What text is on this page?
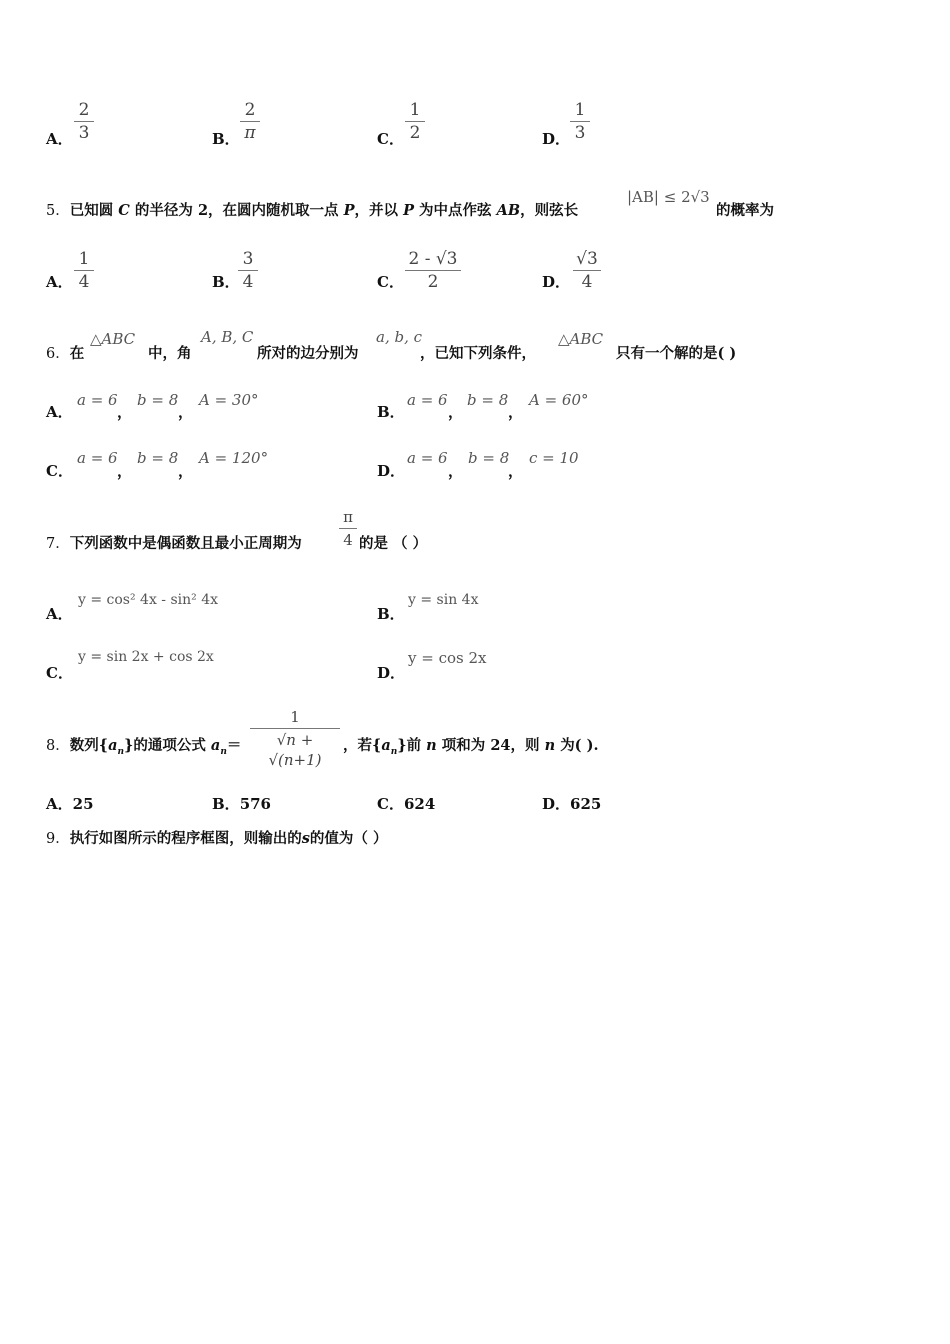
A．
2
3	B．
2
π	C．
1
2	D．
1
3
5．已知圆 C 的半径为 2，在圆内随机取一点 P，并以 P 为中点作弦 AB，则弦长
|AB| ≤ 2√3
的概率为
A．
1
4	B．
3
4	C．
2 - √3
2	D．
√3
4
6．在
△ABC
中，角
A, B, C
所对的边分别为
a, b, c
，已知下列条件，
△ABC
只有一个解的是( )
A．
a = 6
，
b = 8
，
A = 30°
B．
a = 6
，
b = 8
，
A = 60°
C．
a = 6
，
b = 8
，
A = 120°
D．
a = 6
，
b = 8
，
c = 10
7．下列函数中是偶函数且最小正周期为
π
4 的是 （ ）
A．
y = cos² 4x - sin² 4x
B．
y = sin 4x
C．
y = sin 2x + cos 2x
D．
y = cos 2x
8．数列$\{a_n\}$的通项公式 $a_n=$
1
√n + √(n+1)
，若$\{a_n\}$前 n 项和为 24，则 n 为( ).
A．25	B．576	C．624	D．625
9．执行如图所示的程序框图，则输出的s的值为（ ）
